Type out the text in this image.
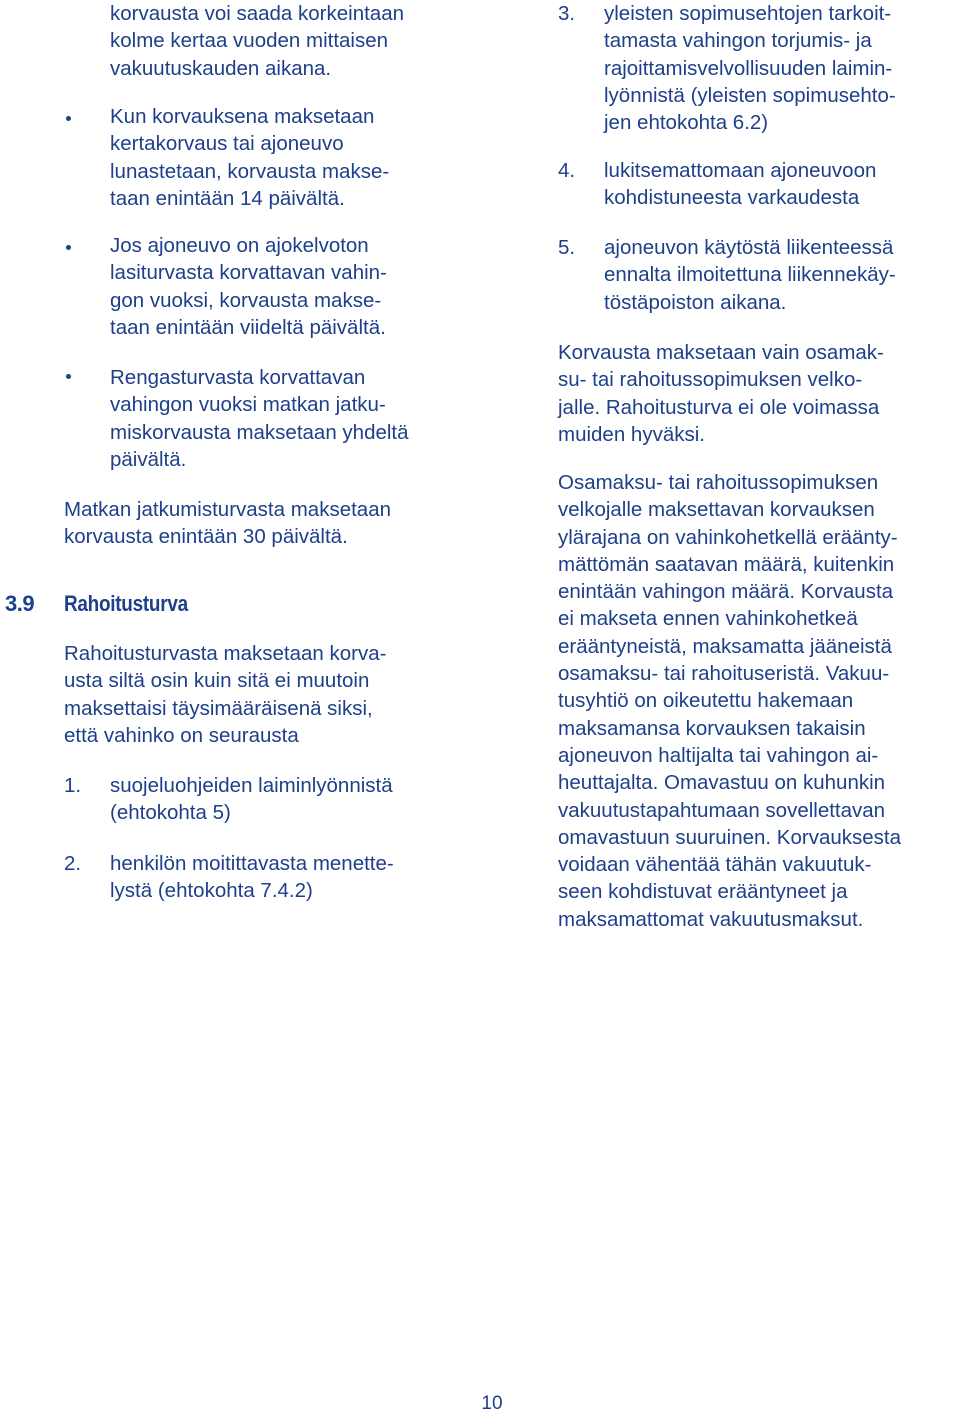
korvausta voi saada korkeintaan
kolme kertaa vuoden mittaisen
vakuutuskauden aikana.
Kun korvauksena maksetaan
kertakorvaus tai ajoneuvo
lunastetaan, korvausta makse-
taan enintään 14 päivältä.
Jos ajoneuvo on ajokelvoton
lasiturvasta korvattavan vahin-
gon vuoksi, korvausta makse-
taan enintään viideltä päivältä.
Rengasturvasta korvattavan
vahingon vuoksi matkan jatku-
miskorvausta maksetaan yhdeltä
päivältä.
Matkan jatkumisturvasta maksetaan
korvausta enintään 30 päivältä.
3.9 Rahoitusturva
Rahoitusturvasta maksetaan korva-
usta siltä osin kuin sitä ei muutoin
maksettaisi täysimääräisenä siksi,
että vahinko on seurausta
1. suojeluohjeiden laiminlyönnistä
(ehtokohta 5)
2. henkilön moitittavasta menette-
lystä (ehtokohta 7.4.2)
3. yleisten sopimusehtojen tarkoit-
tamasta vahingon torjumis- ja
rajoittamisvelvollisuuden laimin-
lyönnistä (yleisten sopimusehto-
jen ehtokohta 6.2)
4. lukitsemattomaan ajoneuvoon
kohdistuneesta varkaudesta
5. ajoneuvon käytöstä liikenteessä
ennalta ilmoitettuna liikennekäy-
töstäpoiston aikana.
Korvausta maksetaan vain osamak-
su- tai rahoitussopimuksen velko-
jalle. Rahoitusturva ei ole voimassa
muiden hyväksi.
Osamaksu- tai rahoitussopimuksen
velkojalle maksettavan korvauksen
ylärajana on vahinkohetkellä eräänty-
mättömän saatavan määrä, kuitenkin
enintään vahingon määrä. Korvausta
ei makseta ennen vahinkohetkeä
erääntyneistä, maksamatta jääneistä
osamaksu- tai rahoituseristä. Vakuu-
tusyhtiö on oikeutettu hakemaan
maksamansa korvauksen takaisin
ajoneuvon haltijalta tai vahingon ai-
heuttajalta. Omavastuu on kuhunkin
vakuutustapahtumaan sovellettavan
omavastuun suuruinen. Korvauksesta
voidaan vähentää tähän vakuutuk-
seen kohdistuvat erääntyneet ja
maksamattomat vakuutusmaksut.
10
